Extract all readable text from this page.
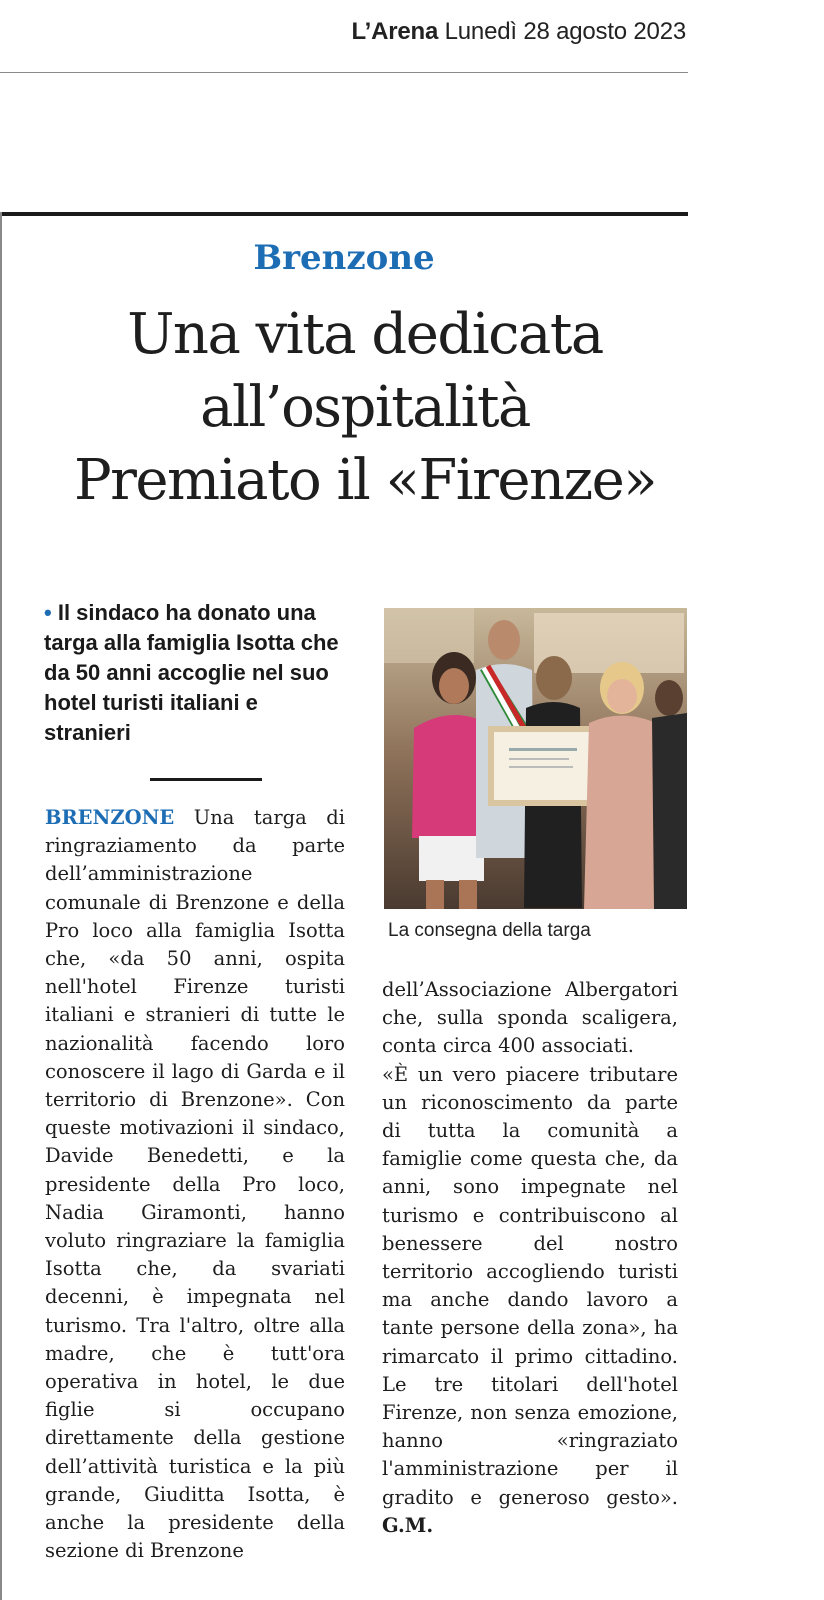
L’Arena Lunedì 28 agosto 2023
Brenzone
Una vita dedicata
all’ospitalità
Premiato il «Firenze»
• Il sindaco ha donato una targa alla famiglia Isotta che da 50 anni accoglie nel suo hotel turisti italiani e stranieri
BRENZONE Una targa di ringraziamento da parte dell’amministrazione comunale di Brenzone e della Pro loco alla famiglia Isotta che, «da 50 anni, ospita nell'hotel Firenze turisti italiani e stranieri di tutte le nazionalità facendo loro conoscere il lago di Garda e il territorio di Brenzone». Con queste motivazioni il sindaco, Davide Benedetti, e la presidente della Pro loco, Nadia Giramonti, hanno voluto ringraziare la famiglia Isotta che, da svariati decenni, è impegnata nel turismo. Tra l'altro, oltre alla madre, che è tutt'ora operativa in hotel, le due figlie si occupano direttamente della gestione dell’attività turistica e la più grande, Giuditta Isotta, è anche la presidente della sezione di Brenzone
La consegna della targa

dell’Associazione Albergatori che, sulla sponda scaligera, conta circa 400 associati.

«È un vero piacere tributare un riconoscimento da parte di tutta la comunità a famiglie come questa che, da anni, sono impegnate nel turismo e contribuiscono al benessere del nostro territorio accogliendo turisti ma anche dando lavoro a tante persone della zona», ha rimarcato il primo cittadino. Le tre titolari dell'hotel Firenze, non senza emozione, hanno «ringraziato l'amministrazione per il gradito e generoso gesto». G.M.
